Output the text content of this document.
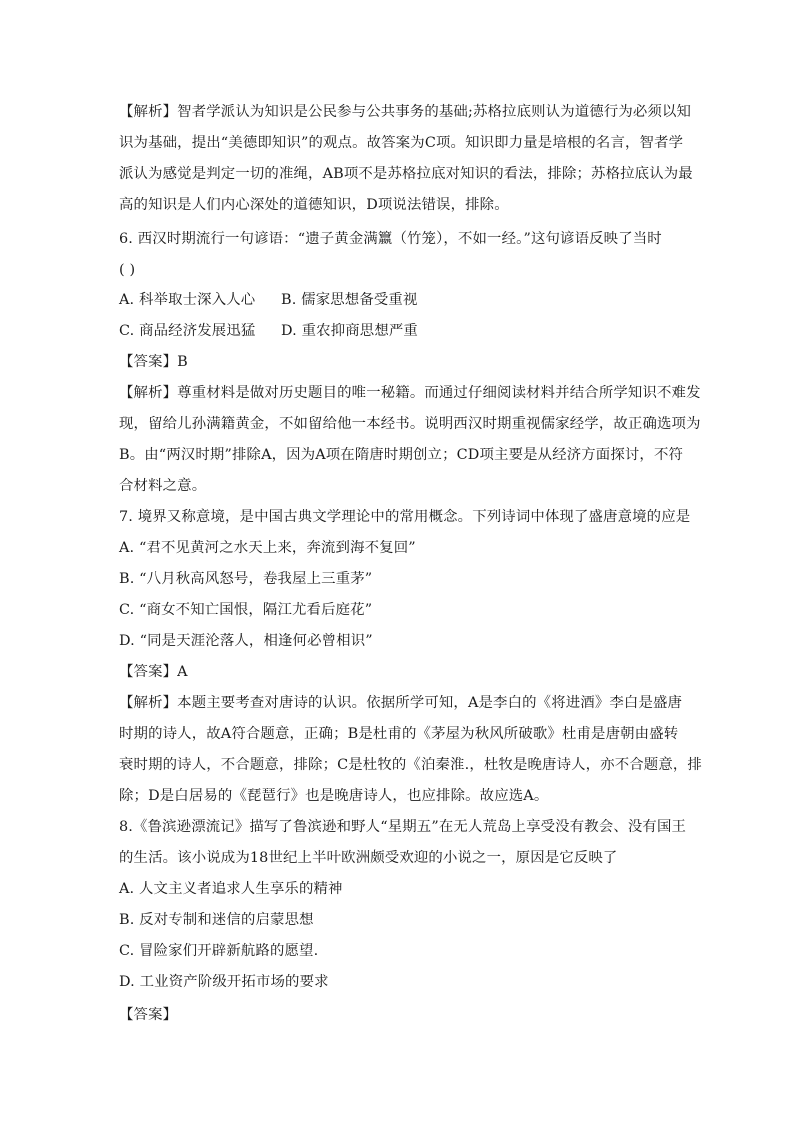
【解析】智者学派认为知识是公民参与公共事务的基础;苏格拉底则认为道德行为必须以知
识为基础，提出“美德即知识”的观点。故答案为C项。知识即力量是培根的名言，智者学
派认为感觉是判定一切的准绳，AB项不是苏格拉底对知识的看法，排除；苏格拉底认为最
高的知识是人们内心深处的道德知识，D项说法错误，排除。
6. 西汉时期流行一句谚语：“遗子黄金满籝（竹笼），不如一经。”这句谚语反映了当时
( )
A. 科举取士深入人心 B. 儒家思想备受重视
C. 商品经济发展迅猛 D. 重农抑商思想严重
【答案】B
【解析】尊重材料是做对历史题目的唯一秘籍。而通过仔细阅读材料并结合所学知识不难发
现，留给儿孙满籍黄金，不如留给他一本经书。说明西汉时期重视儒家经学，故正确选项为
B。由“两汉时期”排除A，因为A项在隋唐时期创立；CD项主要是从经济方面探讨，不符
合材料之意。
7. 境界又称意境，是中国古典文学理论中的常用概念。下列诗词中体现了盛唐意境的应是
A. “君不见黄河之水天上来，奔流到海不复回”
B. “八月秋高风怒号，卷我屋上三重茅”
C. “商女不知亡国恨，隔江尤看后庭花”
D. “同是天涯沦落人，相逢何必曾相识”
【答案】A
【解析】本题主要考查对唐诗的认识。依据所学可知，A是李白的《将进酒》李白是盛唐
时期的诗人，故A符合题意，正确；B是杜甫的《茅屋为秋风所破歌》杜甫是唐朝由盛转
衰时期的诗人，不合题意，排除；C是杜牧的《泊秦淮.，杜牧是晚唐诗人，亦不合题意，排
除；D是白居易的《琵琶行》也是晚唐诗人，也应排除。故应选A。
8.《鲁滨逊漂流记》描写了鲁滨逊和野人“星期五”在无人荒岛上享受没有教会、没有国王
的生活。该小说成为18世纪上半叶欧洲颇受欢迎的小说之一，原因是它反映了
A. 人文主义者追求人生享乐的精神
B. 反对专制和迷信的启蒙思想
C. 冒险家们开辟新航路的愿望.
D. 工业资产阶级开拓市场的要求
【答案】
